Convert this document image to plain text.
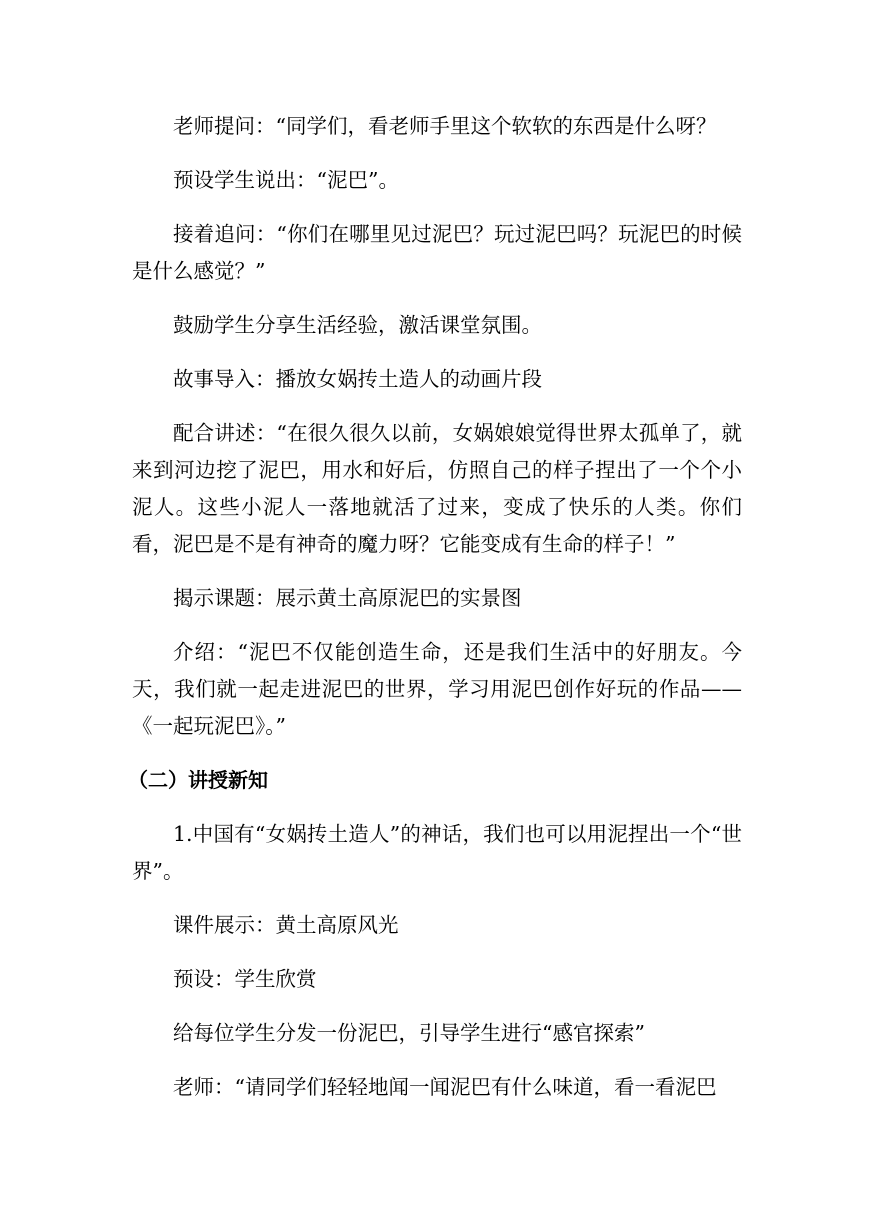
老师提问：“同学们，看老师手里这个软软的东西是什么呀？

预设学生说出：“泥巴”。

接着追问：“你们在哪里见过泥巴？玩过泥巴吗？玩泥巴的时候是什么感觉？”

鼓励学生分享生活经验，激活课堂氛围。

故事导入：播放女娲抟土造人的动画片段

配合讲述：“在很久很久以前，女娲娘娘觉得世界太孤单了，就来到河边挖了泥巴，用水和好后，仿照自己的样子捏出了一个个小泥人。这些小泥人一落地就活了过来，变成了快乐的人类。你们看，泥巴是不是有神奇的魔力呀？它能变成有生命的样子！”

揭示课题：展示黄土高原泥巴的实景图

介绍：“泥巴不仅能创造生命，还是我们生活中的好朋友。今天，我们就一起走进泥巴的世界，学习用泥巴创作好玩的作品——《一起玩泥巴》。”

（二）讲授新知

1.中国有“女娲抟土造人”的神话，我们也可以用泥捏出一个“世界”。

课件展示：黄土高原风光

预设：学生欣赏

给每位学生分发一份泥巴，引导学生进行“感官探索”

老师：“请同学们轻轻地闻一闻泥巴有什么味道，看一看泥巴
